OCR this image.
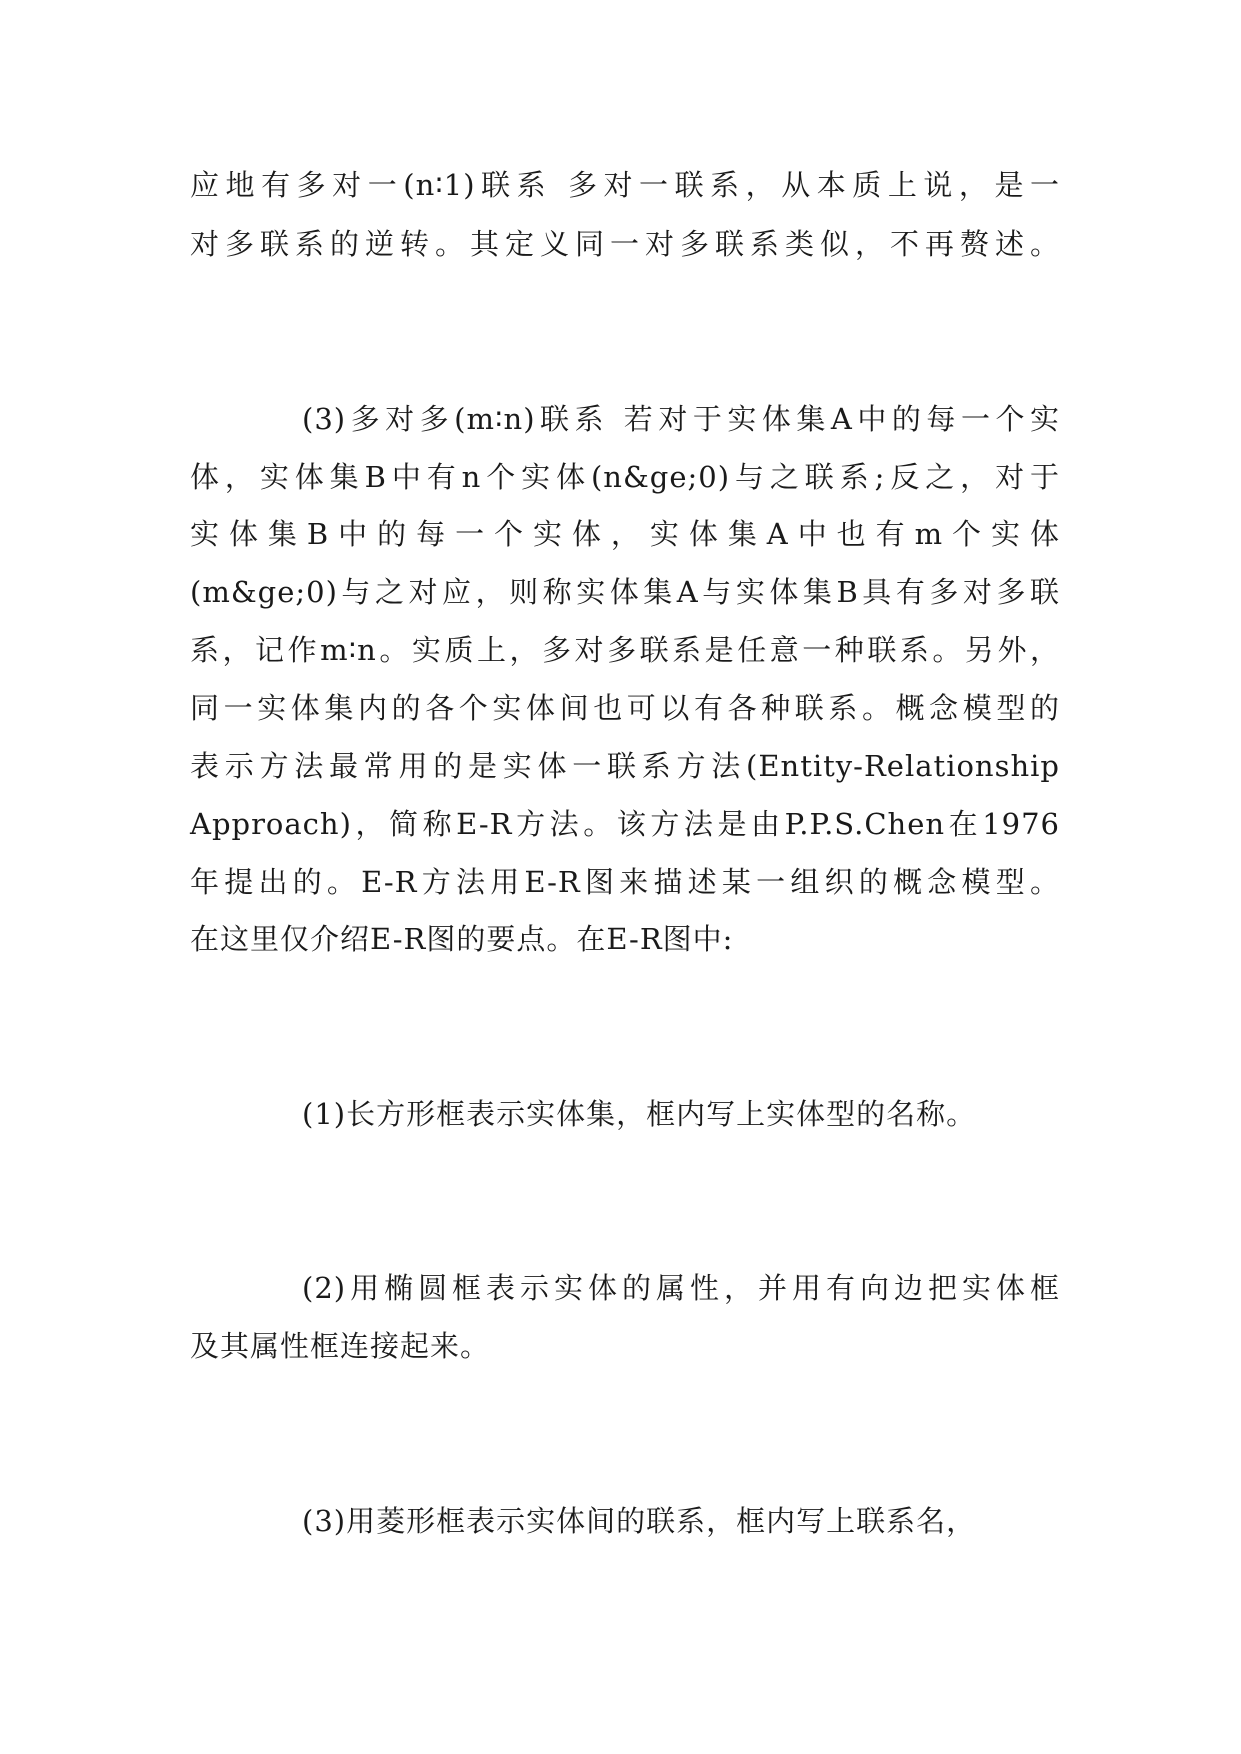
应地有多对一(n∶1)联系 多对一联系，从本质上说，是一
对多联系的逆转。其定义同一对多联系类似，不再赘述。
(3)多对多(m∶n)联系 若对于实体集A中的每一个实
体，实体集B中有n个实体(n&ge;0)与之联系;反之，对于
实体集B中的每一个实体，实体集A中也有m个实体
(m&ge;0)与之对应，则称实体集A与实体集B具有多对多联
系，记作m∶n。实质上，多对多联系是任意一种联系。另外，
同一实体集内的各个实体间也可以有各种联系。概念模型的
表示方法最常用的是实体一联系方法(Entity-Relationship
Approach)，简称E-R方法。该方法是由P.P.S.Chen在1976
年提出的。E-R方法用E-R图来描述某一组织的概念模型。
在这里仅介绍E-R图的要点。在E-R图中:
(1)长方形框表示实体集，框内写上实体型的名称。
(2)用椭圆框表示实体的属性，并用有向边把实体框
及其属性框连接起来。
(3)用菱形框表示实体间的联系，框内写上联系名，
